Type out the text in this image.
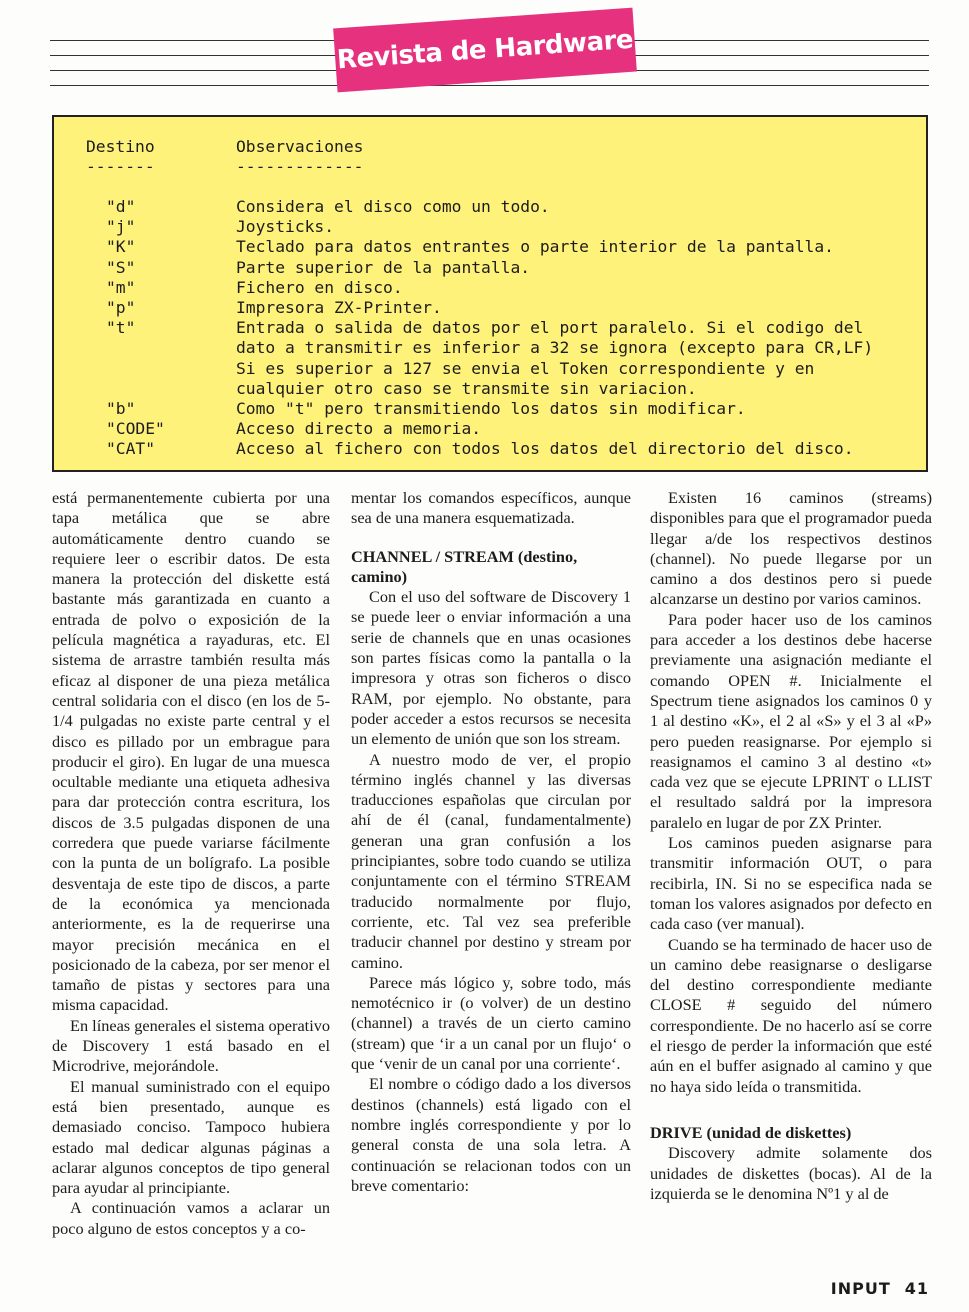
Revista de Hardware
Destino	Observaciones
-------	-------------
"d"	Considera el disco como un todo.
"j"	Joysticks.
"K"	Teclado para datos entrantes o parte interior de la pantalla.
"S"	Parte superior de la pantalla.
"m"	Fichero en disco.
"p"	Impresora ZX-Printer.
"t"	Entrada o salida de datos por el port paralelo. Si el codigo del dato a transmitir es inferior a 32 se ignora (excepto para CR,LF) Si es superior a 127 se envia el Token correspondiente y en cualquier otro caso se transmite sin variacion.
"b"	Como "t" pero transmitiendo los datos sin modificar.
"CODE"	Acceso directo a memoria.
"CAT"	Acceso al fichero con todos los datos del directorio del disco.

está permanentemente cubierta por una tapa metálica que se abre automáticamente dentro cuando se requiere leer o escribir datos. De esta manera la protección del diskette está bastante más garantizada en cuanto a entrada de polvo o exposición de la película magnética a rayaduras, etc. El sistema de arrastre también resulta más eficaz al disponer de una pieza metálica central solidaria con el disco (en los de 5-1/4 pulgadas no existe parte central y el disco es pillado por un embrague para producir el giro). En lugar de una muesca ocultable mediante una etiqueta adhesiva para dar protección contra escritura, los discos de 3.5 pulgadas disponen de una corredera que puede variarse fácilmente con la punta de un bolígrafo. La posible desventaja de este tipo de discos, a parte de la económica ya mencionada anteriormente, es la de requerirse una mayor precisión mecánica en el posicionado de la cabeza, por ser menor el tamaño de pistas y sectores para una misma capacidad.

En líneas generales el sistema operativo de Discovery 1 está basado en el Microdrive, mejorándole.

El manual suministrado con el equipo está bien presentado, aunque es demasiado conciso. Tampoco hubiera estado mal dedicar algunas páginas a aclarar algunos conceptos de tipo general para ayudar al principiante.

A continuación vamos a aclarar un poco alguno de estos conceptos y a co-

mentar los comandos específicos, aunque sea de una manera esquematizada.

CHANNEL / STREAM (destino, camino)

Con el uso del software de Discovery 1 se puede leer o enviar información a una serie de channels que en unas ocasiones son partes físicas como la pantalla o la impresora y otras son ficheros o disco RAM, por ejemplo. No obstante, para poder acceder a estos recursos se necesita un elemento de unión que son los stream.

A nuestro modo de ver, el propio término inglés channel y las diversas traducciones españolas que circulan por ahí de él (canal, fundamentalmente) generan una gran confusión a los principiantes, sobre todo cuando se utiliza conjuntamente con el término STREAM traducido normalmente por flujo, corriente, etc. Tal vez sea preferible traducir channel por destino y stream por camino.

Parece más lógico y, sobre todo, más nemotécnico ir (o volver) de un destino (channel) a través de un cierto camino (stream) que ‘ir a un canal por un flujo‘ o que ‘venir de un canal por una corriente‘.

El nombre o código dado a los diversos destinos (channels) está ligado con el nombre inglés correspondiente y por lo general consta de una sola letra. A continuación se relacionan todos con un breve comentario:

Existen 16 caminos (streams) disponibles para que el programador pueda llegar a/de los respectivos destinos (channel). No puede llegarse por un camino a dos destinos pero si puede alcanzarse un destino por varios caminos.

Para poder hacer uso de los caminos para acceder a los destinos debe hacerse previamente una asignación mediante el comando OPEN #. Inicialmente el Spectrum tiene asignados los caminos 0 y 1 al destino «K», el 2 al «S» y el 3 al «P» pero pueden reasignarse. Por ejemplo si reasignamos el camino 3 al destino «t» cada vez que se ejecute LPRINT o LLIST el resultado saldrá por la impresora paralelo en lugar de por ZX Printer.

Los caminos pueden asignarse para transmitir información OUT, o para recibirla, IN. Si no se especifica nada se toman los valores asignados por defecto en cada caso (ver manual).

Cuando se ha terminado de hacer uso de un camino debe reasignarse o desligarse del destino correspondiente mediante CLOSE # seguido del número correspondiente. De no hacerlo así se corre el riesgo de perder la información que esté aún en el buffer asignado al camino y que no haya sido leída o transmitida.

DRIVE (unidad de diskettes)

Discovery admite solamente dos unidades de diskettes (bocas). Al de la izquierda se le denomina Nº1 y al de

INPUT 41
